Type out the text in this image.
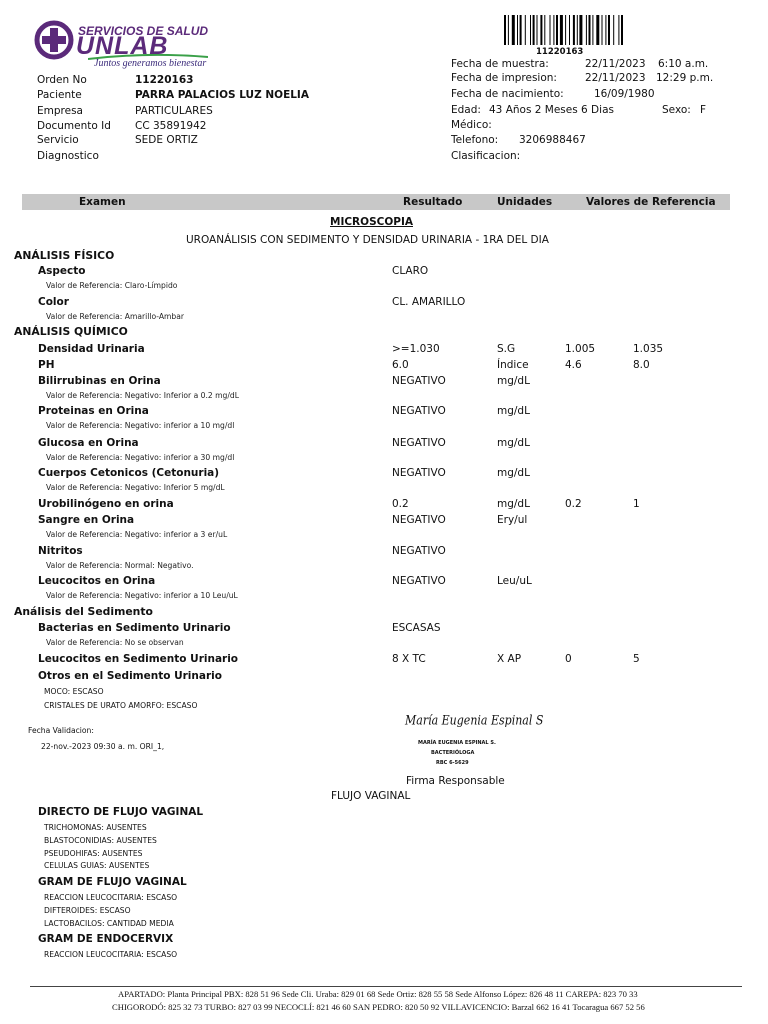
SERVICIOS DE SALUD
UNLAB
Juntos generamos bienestar
11220163
Orden No	11220163
Paciente	PARRA PALACIOS LUZ NOELIA
Empresa	PARTICULARES
Documento Id CC 35891942
Servicio	SEDE ORTIZ
Diagnostico
Fecha de muestra:	22/11/2023 6:10 a.m.
Fecha de impresion:	22/11/2023 12:29 p.m.
Fecha de nacimiento:	16/09/1980
Edad: 43 Años 2 Meses 6 Dias	Sexo: F
Médico:
Telefono: 3206988467
Clasificacion:
Examen	Resultado	Unidades	Valores de Referencia
MICROSCOPIA
UROANÁLISIS CON SEDIMENTO Y DENSIDAD URINARIA - 1RA DEL DIA
ANÁLISIS FÍSICO
ANÁLISIS QUÍMICO
Análisis del Sedimento
Aspecto	CLARO
Valor de Referencia: Claro-Límpido
Color	CL. AMARILLO
Valor de Referencia: Amarillo-Ambar
Densidad Urinaria	>=1.030	S.G	1.005	1.035
PH	6.0	Índice	4.6	8.0
Bilirrubinas en Orina	NEGATIVO	mg/dL
Valor de Referencia: Negativo: Inferior a 0.2 mg/dL
Proteinas en Orina	NEGATIVO	mg/dL
Valor de Referencia: Negativo: inferior a 10 mg/dl
Glucosa en Orina	NEGATIVO	mg/dL
Valor de Referencia: Negativo: inferior a 30 mg/dl
Cuerpos Cetonicos (Cetonuria)	NEGATIVO	mg/dL
Valor de Referencia: Negativo: Inferior 5 mg/dL
Urobilinógeno en orina	0.2	mg/dL	0.2	1
Sangre en Orina	NEGATIVO	Ery/ul
Valor de Referencia: Negativo: inferior a 3 er/uL
Nitritos	NEGATIVO
Valor de Referencia: Normal: Negativo.
Leucocitos en Orina	NEGATIVO	Leu/uL
Valor de Referencia: Negativo: inferior a 10 Leu/uL
Bacterias en Sedimento Urinario	ESCASAS
Valor de Referencia: No se observan
Leucocitos en Sedimento Urinario	8 X TC	X AP	0	5
Otros en el Sedimento Urinario
MOCO: ESCASO
CRISTALES DE URATO AMORFO: ESCASO
Fecha Validacion:
22-nov.-2023 09:30 a. m. ORI_1,
María Eugenia Espinal S
MARÍA EUGENIA ESPINAL S.
BACTERIÓLOGA
RBC 6-5629
Firma Responsable
FLUJO VAGINAL
DIRECTO DE FLUJO VAGINAL
TRICHOMONAS: AUSENTES
BLASTOCONIDIAS: AUSENTES
PSEUDOHIFAS: AUSENTES
CELULAS GUIAS: AUSENTES
GRAM DE FLUJO VAGINAL
REACCION LEUCOCITARIA: ESCASO
DIFTEROIDES: ESCASO
LACTOBACILOS: CANTIDAD MEDIA
GRAM DE ENDOCERVIX
REACCION LEUCOCITARIA: ESCASO
APARTADO: Planta Principal PBX: 828 51 96 Sede Cli. Uraba: 829 01 68 Sede Ortiz: 828 55 58 Sede Alfonso López: 826 48 11 CAREPA: 823 70 33
CHIGORODÓ: 825 32 73 TURBO: 827 03 99 NECOCLÍ: 821 46 60 SAN PEDRO: 820 50 92 VILLAVICENCIO: Barzal 662 16 41 Tocaragua 667 52 56
